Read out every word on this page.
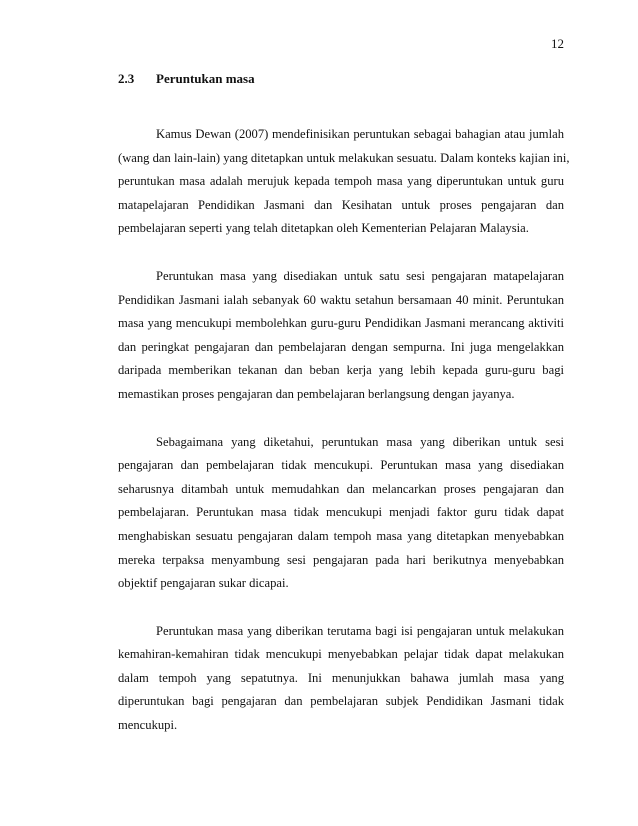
12
2.3 Peruntukan masa

Kamus Dewan (2007) mendefinisikan peruntukan sebagai bahagian atau jumlah
(wang dan lain-lain) yang ditetapkan untuk melakukan sesuatu. Dalam konteks kajian ini,
peruntukan masa adalah merujuk kepada tempoh masa yang diperuntukan untuk guru
matapelajaran Pendidikan Jasmani dan Kesihatan untuk proses pengajaran dan
pembelajaran seperti yang telah ditetapkan oleh Kementerian Pelajaran Malaysia.

Peruntukan masa yang disediakan untuk satu sesi pengajaran matapelajaran
Pendidikan Jasmani ialah sebanyak 60 waktu setahun bersamaan 40 minit. Peruntukan
masa yang mencukupi membolehkan guru-guru Pendidikan Jasmani merancang aktiviti
dan peringkat pengajaran dan pembelajaran dengan sempurna. Ini juga mengelakkan
daripada memberikan tekanan dan beban kerja yang lebih kepada guru-guru bagi
memastikan proses pengajaran dan pembelajaran berlangsung dengan jayanya.

Sebagaimana yang diketahui, peruntukan masa yang diberikan untuk sesi
pengajaran dan pembelajaran tidak mencukupi. Peruntukan masa yang disediakan
seharusnya ditambah untuk memudahkan dan melancarkan proses pengajaran dan
pembelajaran. Peruntukan masa tidak mencukupi menjadi faktor guru tidak dapat
menghabiskan sesuatu pengajaran dalam tempoh masa yang ditetapkan menyebabkan
mereka terpaksa menyambung sesi pengajaran pada hari berikutnya menyebabkan
objektif pengajaran sukar dicapai.

Peruntukan masa yang diberikan terutama bagi isi pengajaran untuk melakukan
kemahiran-kemahiran tidak mencukupi menyebabkan pelajar tidak dapat melakukan
dalam tempoh yang sepatutnya. Ini menunjukkan bahawa jumlah masa yang
diperuntukan bagi pengajaran dan pembelajaran subjek Pendidikan Jasmani tidak
mencukupi.
